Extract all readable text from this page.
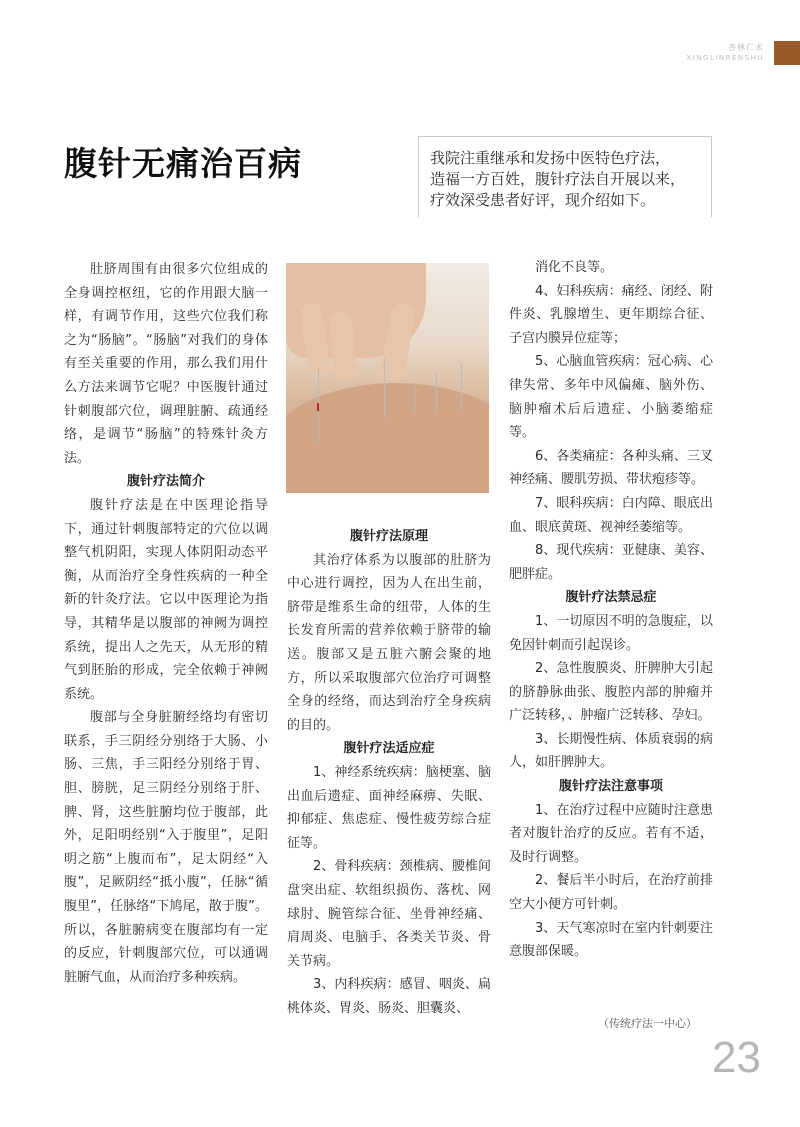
杏林仁术
XINGLINRENSHU
腹针无痛治百病	我院注重继承和发扬中医特色疗法，

造福一方百姓，腹针疗法自开展以来，

疗效深受患者好评，现介绍如下。

肚脐周围有由很多穴位组成的全身调控枢纽，它的作用跟大脑一样，有调节作用，这些穴位我们称之为“肠脑”。“肠脑”对我们的身体有至关重要的作用，那么我们用什么方法来调节它呢？中医腹针通过针刺腹部穴位，调理脏腑、疏通经络，是调节“肠脑”的特殊针灸方法。

腹针疗法简介

腹针疗法是在中医理论指导下，通过针刺腹部特定的穴位以调整气机阴阳，实现人体阴阳动态平衡，从而治疗全身性疾病的一种全新的针灸疗法。它以中医理论为指导，其精华是以腹部的神阙为调控系统，提出人之先天，从无形的精气到胚胎的形成，完全依赖于神阙系统。

腹部与全身脏腑经络均有密切联系，手三阴经分别络于大肠、小肠、三焦，手三阳经分别络于胃、胆、膀胱，足三阴经分别络于肝、脾、肾，这些脏腑均位于腹部，此外，足阳明经别“入于腹里”，足阳明之筋“上腹而布”，足太阴经“入腹”，足厥阴经“抵小腹”，任脉“循腹里”，任脉络“下鸠尾，散于腹”。所以，各脏腑病变在腹部均有一定的反应，针刺腹部穴位，可以通调脏腑气血，从而治疗多种疾病。

腹针疗法原理

其治疗体系为以腹部的肚脐为中心进行调控，因为人在出生前，脐带是维系生命的纽带，人体的生长发育所需的营养依赖于脐带的输送。腹部又是五脏六腑会聚的地方，所以采取腹部穴位治疗可调整全身的经络，而达到治疗全身疾病的目的。

腹针疗法适应症

1、神经系统疾病：脑梗塞、脑出血后遗症、面神经麻痹、失眠、抑郁症、焦虑症、慢性疲劳综合症征等。

2、骨科疾病：颈椎病、腰椎间盘突出症、软组织损伤、落枕、网球肘、腕管综合征、坐骨神经痛、肩周炎、电脑手、各类关节炎、骨关节病。

3、内科疾病：感冒、咽炎、扁桃体炎、胃炎、肠炎、胆囊炎、

消化不良等。

4、妇科疾病：痛经、闭经、附件炎、乳腺增生、更年期综合征、子宫内膜异位症等；

5、心脑血管疾病：冠心病、心律失常、多年中风偏瘫、脑外伤、脑肿瘤术后后遗症、小脑萎缩症等。

6、各类痛症：各种头痛、三叉神经痛、腰肌劳损、带状疱疹等。

7、眼科疾病：白内障、眼底出血、眼底黄斑、视神经萎缩等。

8、现代疾病：亚健康、美容、肥胖症。

腹针疗法禁忌症

1、一切原因不明的急腹症，以免因针刺而引起误诊。

2、急性腹膜炎、肝脾肿大引起的脐静脉曲张、腹腔内部的肿瘤并广泛转移，、肿瘤广泛转移、孕妇。

3、长期慢性病、体质衰弱的病人，如肝脾肿大。

腹针疗法注意事项

1、在治疗过程中应随时注意患者对腹针治疗的反应。若有不适，及时行调整。

2、餐后半小时后，在治疗前排空大小便方可针刺。

3、天气寒凉时在室内针刺要注意腹部保暖。

（传统疗法一中心）
23
